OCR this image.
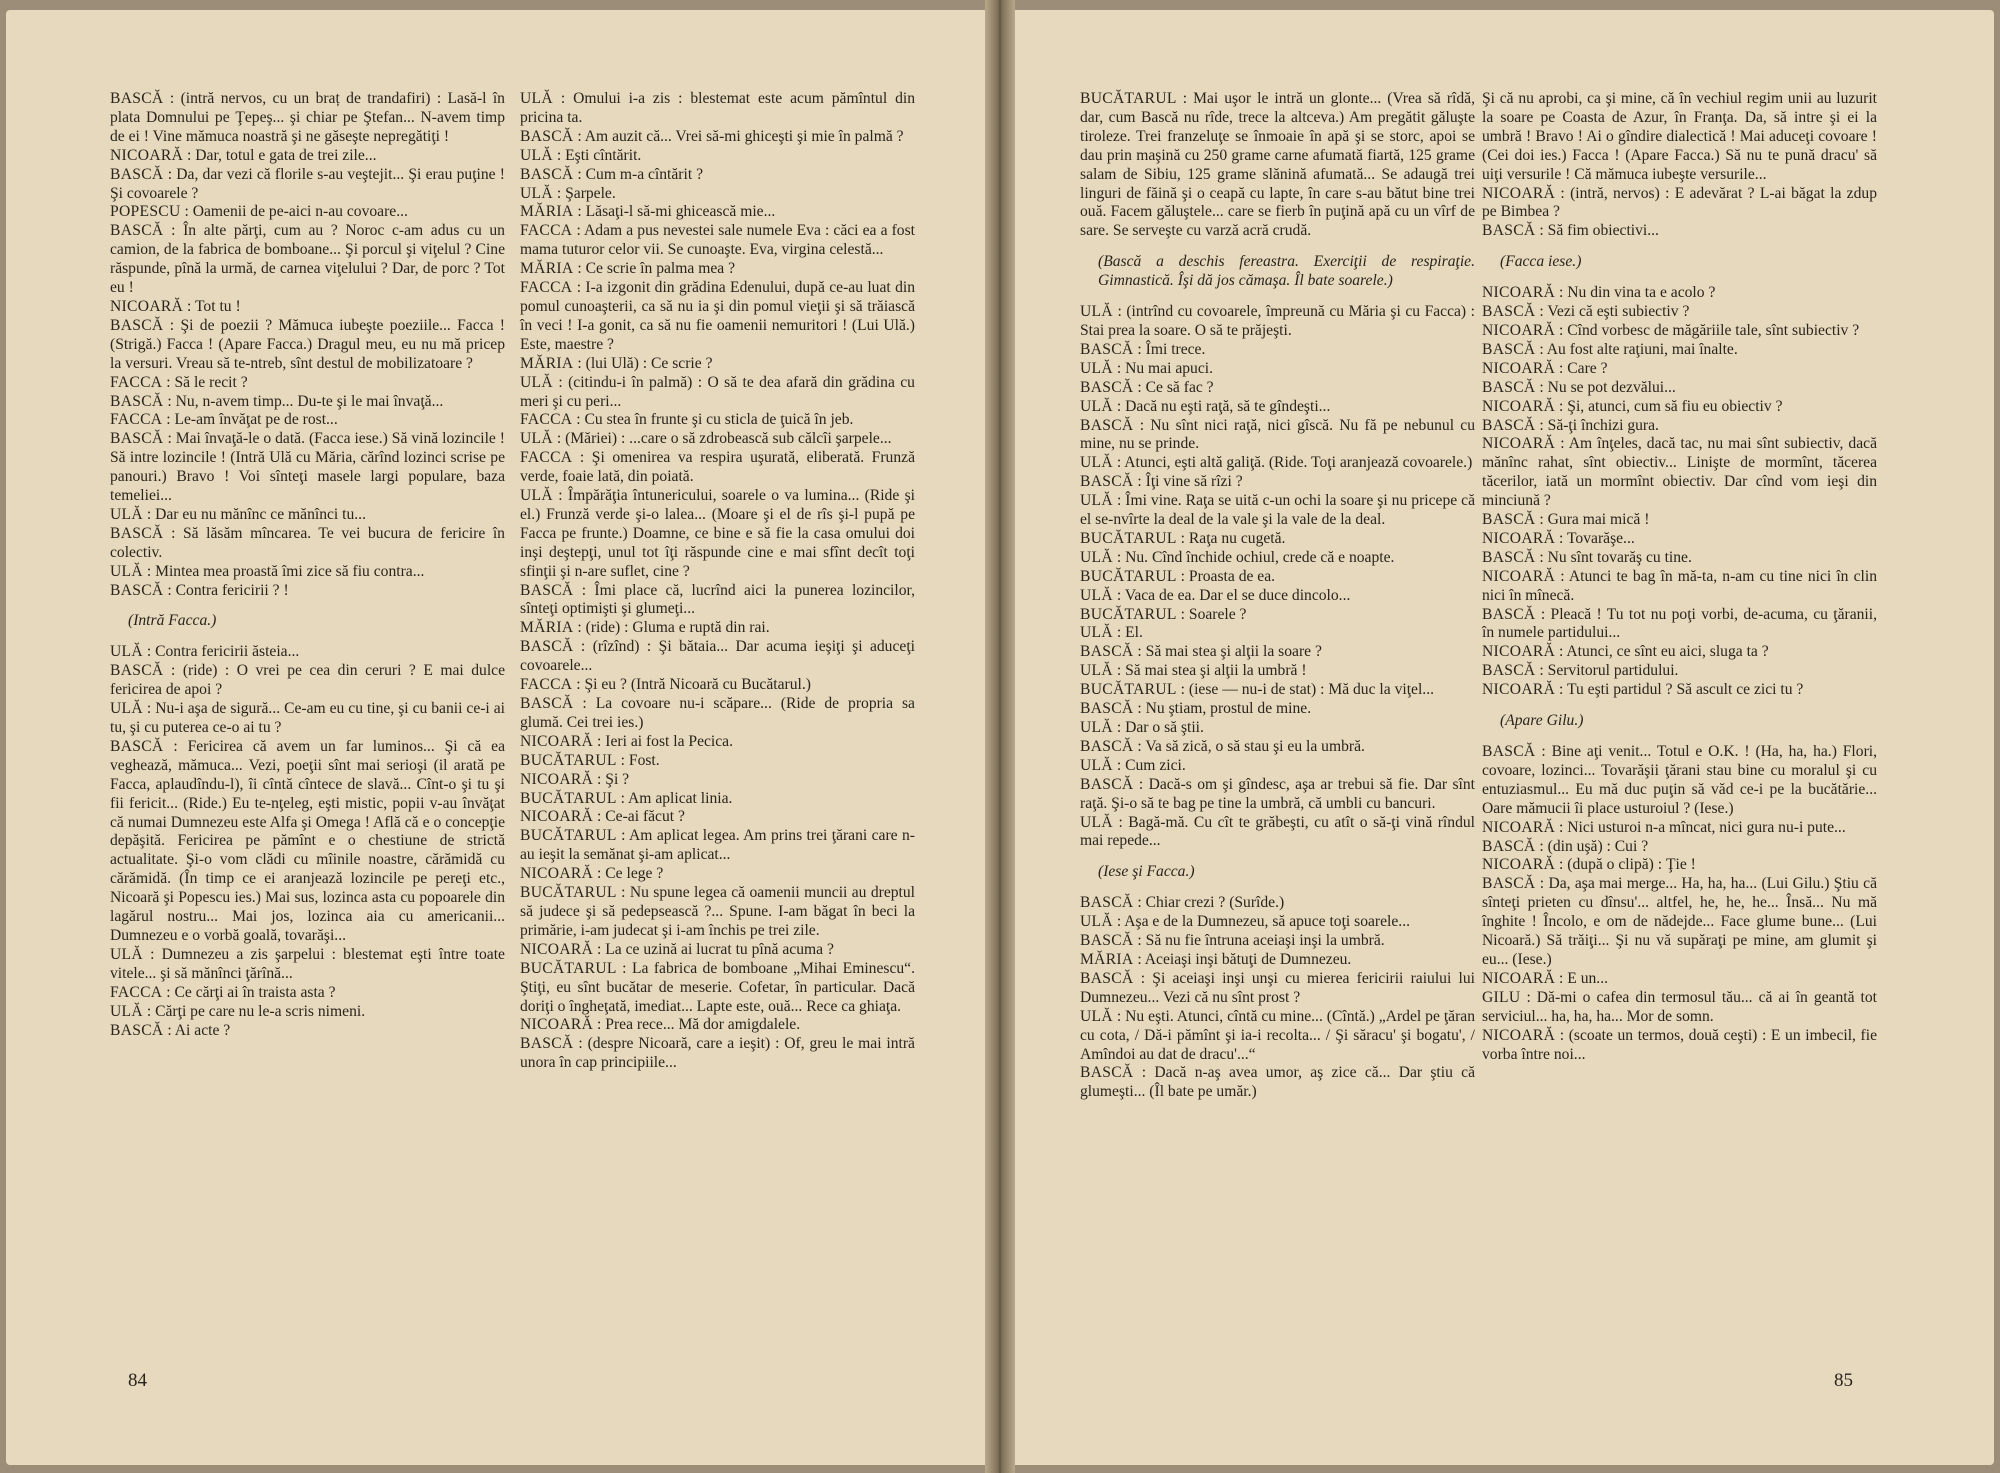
BASCĂ : (intră nervos, cu un braț de trandafiri) : Lasă-l în plata Domnului pe Ţepeş... şi chiar pe Ştefan... N-avem timp de ei ! Vine mămuca noastră şi ne găseşte nepregătiţi !

NICOARĂ : Dar, totul e gata de trei zile...

BASCĂ : Da, dar vezi că florile s-au veştejit... Şi erau puţine ! Şi covoarele ?

POPESCU : Oamenii de pe-aici n-au covoare...

BASCĂ : În alte părţi, cum au ? Noroc c-am adus cu un camion, de la fabrica de bomboane... Şi porcul şi viţelul ? Cine răspunde, pînă la urmă, de carnea viţelului ? Dar, de porc ? Tot eu !

NICOARĂ : Tot tu !

BASCĂ : Şi de poezii ? Mămuca iubeşte poeziile... Facca ! (Strigă.) Facca ! (Apare Facca.) Dragul meu, eu nu mă pricep la versuri. Vreau să te-ntreb, sînt destul de mobilizatoare ?

FACCA : Să le recit ?

BASCĂ : Nu, n-avem timp... Du-te şi le mai învaţă...

FACCA : Le-am învăţat pe de rost...

BASCĂ : Mai învaţă-le o dată. (Facca iese.) Să vină lozincile ! Să intre lozincile ! (Intră Ulă cu Măria, cărînd lozinci scrise pe panouri.) Bravo ! Voi sînteţi masele largi populare, baza temeliei...

ULĂ : Dar eu nu mănînc ce mănînci tu...

BASCĂ : Să lăsăm mîncarea. Te vei bucura de fericire în colectiv.

ULĂ : Mintea mea proastă îmi zice să fiu contra...

BASCĂ : Contra fericirii ? !

(Intră Facca.)

ULĂ : Contra fericirii ăsteia...

BASCĂ : (ride) : O vrei pe cea din ceruri ? E mai dulce fericirea de apoi ?

ULĂ : Nu-i aşa de sigură... Ce-am eu cu tine, şi cu banii ce-i ai tu, şi cu puterea ce-o ai tu ?

BASCĂ : Fericirea că avem un far luminos... Şi că ea veghează, mămuca... Vezi, poeţii sînt mai serioşi (il arată pe Facca, aplaudîndu-l), îi cîntă cîntece de slavă... Cînt-o şi tu şi fii fericit... (Ride.) Eu te-nţeleg, eşti mistic, popii v-au învăţat că numai Dumnezeu este Alfa şi Omega ! Află că e o concepţie depăşită. Fericirea pe pămînt e o chestiune de strictă actualitate. Şi-o vom clădi cu mîinile noastre, cărămidă cu cărămidă. (În timp ce ei aranjează lozincile pe pereţi etc., Nicoară şi Popescu ies.) Mai sus, lozinca asta cu popoarele din lagărul nostru... Mai jos, lozinca aia cu americanii... Dumnezeu e o vorbă goală, tovarăşi...

ULĂ : Dumnezeu a zis şarpelui : blestemat eşti între toate vitele... şi să mănînci ţărînă...

FACCA : Ce cărţi ai în traista asta ?

ULĂ : Cărţi pe care nu le-a scris nimeni.

BASCĂ : Ai acte ?

ULĂ : Omului i-a zis : blestemat este acum pămîntul din pricina ta.

BASCĂ : Am auzit că... Vrei să-mi ghiceşti şi mie în palmă ?

ULĂ : Eşti cîntărit.

BASCĂ : Cum m-a cîntărit ?

ULĂ : Şarpele.

MĂRIA : Lăsaţi-l să-mi ghicească mie...

FACCA : Adam a pus nevestei sale numele Eva : căci ea a fost mama tuturor celor vii. Se cunoaşte. Eva, virgina celestă...

MĂRIA : Ce scrie în palma mea ?

FACCA : I-a izgonit din grădina Edenului, după ce-au luat din pomul cunoaşterii, ca să nu ia şi din pomul vieţii şi să trăiască în veci ! I-a gonit, ca să nu fie oamenii nemuritori ! (Lui Ulă.) Este, maestre ?

MĂRIA : (lui Ulă) : Ce scrie ?

ULĂ : (citindu-i în palmă) : O să te dea afară din grădina cu meri şi cu peri...

FACCA : Cu stea în frunte şi cu sticla de ţuică în jeb.

ULĂ : (Măriei) : ...care o să zdrobească sub călcîi şarpele...

FACCA : Şi omenirea va respira uşurată, eliberată. Frunză verde, foaie lată, din poiată.

ULĂ : Împărăţia întunericului, soarele o va lumina... (Ride şi el.) Frunză verde şi-o lalea... (Moare şi el de rîs şi-l pupă pe Facca pe frunte.) Doamne, ce bine e să fie la casa omului doi inşi deştepţi, unul tot îţi răspunde cine e mai sfînt decît toţi sfinţii şi n-are suflet, cine ?

BASCĂ : Îmi place că, lucrînd aici la punerea lozincilor, sînteţi optimişti şi glumeţi...

MĂRIA : (ride) : Gluma e ruptă din rai.

BASCĂ : (rîzînd) : Şi bătaia... Dar acuma ieşiţi şi aduceţi covoarele...

FACCA : Şi eu ? (Intră Nicoară cu Bucătarul.)

BASCĂ : La covoare nu-i scăpare... (Ride de propria sa glumă. Cei trei ies.)

NICOARĂ : Ieri ai fost la Pecica.

BUCĂTARUL : Fost.

NICOARĂ : Şi ?

BUCĂTARUL : Am aplicat linia.

NICOARĂ : Ce-ai făcut ?

BUCĂTARUL : Am aplicat legea. Am prins trei ţărani care n-au ieşit la semănat şi-am aplicat...

NICOARĂ : Ce lege ?

BUCĂTARUL : Nu spune legea că oamenii muncii au dreptul să judece şi să pedepsească ?... Spune. I-am băgat în beci la primărie, i-am judecat şi i-am închis pe trei zile.

NICOARĂ : La ce uzină ai lucrat tu pînă acuma ?

BUCĂTARUL : La fabrica de bomboane „Mihai Eminescu“. Ştiţi, eu sînt bucătar de meserie. Cofetar, în particular. Dacă doriţi o îngheţată, imediat... Lapte este, ouă... Rece ca ghiaţa.

NICOARĂ : Prea rece... Mă dor amigdalele.

BASCĂ : (despre Nicoară, care a ieşit) : Of, greu le mai intră unora în cap principiile...

84

BUCĂTARUL : Mai uşor le intră un glonte... (Vrea să rîdă, dar, cum Bască nu rîde, trece la altceva.) Am pregătit găluşte tiroleze. Trei franzeluţe se înmoaie în apă şi se storc, apoi se dau prin maşină cu 250 grame carne afumată fiartă, 125 grame salam de Sibiu, 125 grame slănină afumată... Se adaugă trei linguri de făină şi o ceapă cu lapte, în care s-au bătut bine trei ouă. Facem găluştele... care se fierb în puţină apă cu un vîrf de sare. Se serveşte cu varză acră crudă.

(Bască a deschis fereastra. Exerciţii de respiraţie. Gimnastică. Îşi dă jos cămaşa. Îl bate soarele.)

ULĂ : (intrînd cu covoarele, împreună cu Măria şi cu Facca) : Stai prea la soare. O să te prăjeşti.

BASCĂ : Îmi trece.

ULĂ : Nu mai apuci.

BASCĂ : Ce să fac ?

ULĂ : Dacă nu eşti raţă, să te gîndeşti...

BASCĂ : Nu sînt nici raţă, nici gîscă. Nu fă pe nebunul cu mine, nu se prinde.

ULĂ : Atunci, eşti altă galiţă. (Ride. Toţi aranjează covoarele.)

BASCĂ : Îţi vine să rîzi ?

ULĂ : Îmi vine. Raţa se uită c-un ochi la soare şi nu pricepe că el se-nvîrte la deal de la vale şi la vale de la deal.

BUCĂTARUL : Raţa nu cugetă.

ULĂ : Nu. Cînd închide ochiul, crede că e noapte.

BUCĂTARUL : Proasta de ea.

ULĂ : Vaca de ea. Dar el se duce dincolo...

BUCĂTARUL : Soarele ?

ULĂ : El.

BASCĂ : Să mai stea şi alţii la soare ?

ULĂ : Să mai stea şi alţii la umbră !

BUCĂTARUL : (iese — nu-i de stat) : Mă duc la viţel...

BASCĂ : Nu ştiam, prostul de mine.

ULĂ : Dar o să ştii.

BASCĂ : Va să zică, o să stau şi eu la umbră.

ULĂ : Cum zici.

BASCĂ : Dacă-s om şi gîndesc, aşa ar trebui să fie. Dar sînt raţă. Şi-o să te bag pe tine la umbră, că umbli cu bancuri.

ULĂ : Bagă-mă. Cu cît te grăbeşti, cu atît o să-ţi vină rîndul mai repede...

(Iese şi Facca.)

BASCĂ : Chiar crezi ? (Surîde.)

ULĂ : Aşa e de la Dumnezeu, să apuce toţi soarele...

BASCĂ : Să nu fie întruna aceiaşi inşi la umbră.

MĂRIA : Aceiaşi inşi bătuţi de Dumnezeu.

BASCĂ : Şi aceiaşi inşi unşi cu mierea fericirii raiului lui Dumnezeu... Vezi că nu sînt prost ?

ULĂ : Nu eşti. Atunci, cîntă cu mine... (Cîntă.) „Ardel pe ţăran cu cota, / Dă-i pămînt şi ia-i recolta... / Şi săracu' şi bogatu', / Amîndoi au dat de dracu'...“

BASCĂ : Dacă n-aş avea umor, aş zice că... Dar ştiu că glumeşti... (Îl bate pe umăr.)

Şi că nu aprobi, ca şi mine, că în vechiul regim unii au luzurit la soare pe Coasta de Azur, în Franţa. Da, să intre şi ei la umbră ! Bravo ! Ai o gîndire dialectică ! Mai aduceţi covoare ! (Cei doi ies.) Facca ! (Apare Facca.) Să nu te pună dracu' să uiţi versurile ! Că mămuca iubeşte versurile...

NICOARĂ : (intră, nervos) : E adevărat ? L-ai băgat la zdup pe Bimbea ?

BASCĂ : Să fim obiectivi...

(Facca iese.)

NICOARĂ : Nu din vina ta e acolo ?

BASCĂ : Vezi că eşti subiectiv ?

NICOARĂ : Cînd vorbesc de măgăriile tale, sînt subiectiv ?

BASCĂ : Au fost alte raţiuni, mai înalte.

NICOARĂ : Care ?

BASCĂ : Nu se pot dezvălui...

NICOARĂ : Şi, atunci, cum să fiu eu obiectiv ?

BASCĂ : Să-ţi închizi gura.

NICOARĂ : Am înţeles, dacă tac, nu mai sînt subiectiv, dacă mănînc rahat, sînt obiectiv... Linişte de mormînt, tăcerea tăcerilor, iată un mormînt obiectiv. Dar cînd vom ieşi din minciună ?

BASCĂ : Gura mai mică !

NICOARĂ : Tovarăşe...

BASCĂ : Nu sînt tovarăş cu tine.

NICOARĂ : Atunci te bag în mă-ta, n-am cu tine nici în clin nici în mînecă.

BASCĂ : Pleacă ! Tu tot nu poţi vorbi, de-acuma, cu ţăranii, în numele partidului...

NICOARĂ : Atunci, ce sînt eu aici, sluga ta ?

BASCĂ : Servitorul partidului.

NICOARĂ : Tu eşti partidul ? Să ascult ce zici tu ?

(Apare Gilu.)

BASCĂ : Bine aţi venit... Totul e O.K. ! (Ha, ha, ha.) Flori, covoare, lozinci... Tovarăşii ţărani stau bine cu moralul şi cu entuziasmul... Eu mă duc puţin să văd ce-i pe la bucătărie... Oare mămucii îi place usturoiul ? (Iese.)

NICOARĂ : Nici usturoi n-a mîncat, nici gura nu-i pute...

BASCĂ : (din uşă) : Cui ?

NICOARĂ : (după o clipă) : Ţie !

BASCĂ : Da, aşa mai merge... Ha, ha, ha... (Lui Gilu.) Ştiu că sînteţi prieten cu dînsu'... altfel, he, he, he... Însă... Nu mă înghite ! Încolo, e om de nădejde... Face glume bune... (Lui Nicoară.) Să trăiţi... Şi nu vă supăraţi pe mine, am glumit şi eu... (Iese.)

NICOARĂ : E un...

GILU : Dă-mi o cafea din termosul tău... că ai în geantă tot serviciul... ha, ha, ha... Mor de somn.

NICOARĂ : (scoate un termos, două ceşti) : E un imbecil, fie vorba între noi...

85
